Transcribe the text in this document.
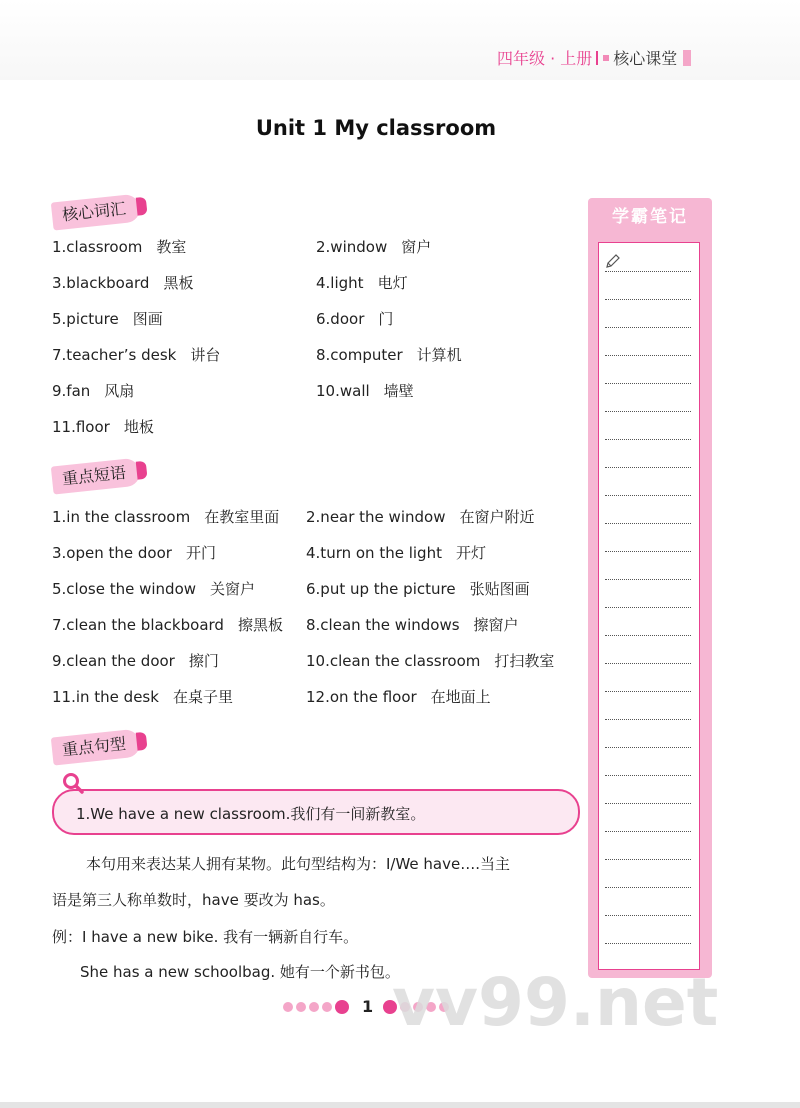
四年级 · 上册 核心课堂
Unit 1 My classroom
核心词汇
1.classroom 教室	2.window 窗户
3.blackboard 黑板	4.light 电灯
5.picture 图画	6.door 门
7.teacher’s desk 讲台	8.computer 计算机
9.fan 风扇	10.wall 墙壁
11.floor 地板
重点短语
1.in the classroom 在教室里面 2.near the window 在窗户附近
3.open the door 开门	4.turn on the light 开灯
5.close the window 关窗户	6.put up the picture 张贴图画
7.clean the blackboard 擦黑板 8.clean the windows 擦窗户
9.clean the door 擦门	10.clean the classroom 打扫教室
11.in the desk 在桌子里	12.on the floor 在地面上
重点句型
1.We have a new classroom.我们有一间新教室。
本句用来表达某人拥有某物。此句型结构为：I/We have….当主
语是第三人称单数时，have 要改为 has。
例：I have a new bike. 我有一辆新自行车。
She has a new schoolbag. 她有一个新书包。
学霸笔记
1 vv99.net
